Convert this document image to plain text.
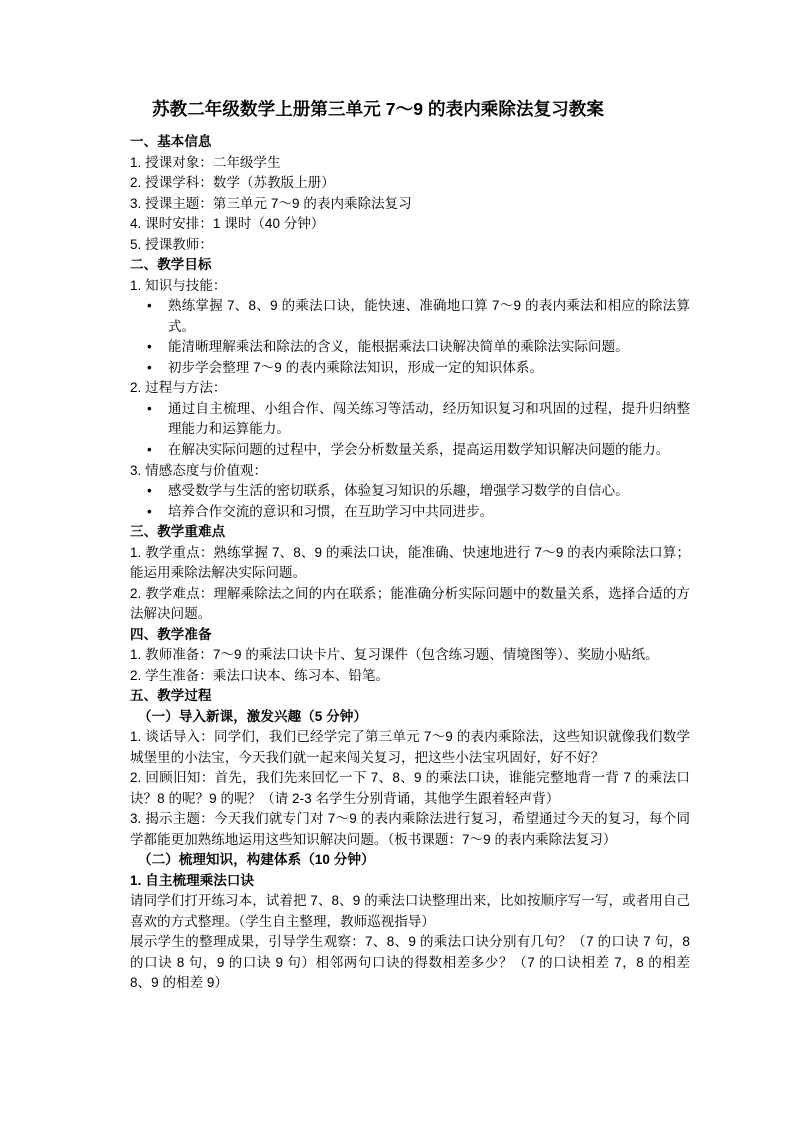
苏教二年级数学上册第三单元 7～9 的表内乘除法复习教案
一、基本信息
1. 授课对象：二年级学生
2. 授课学科：数学（苏教版上册）
3. 授课主题：第三单元 7～9 的表内乘除法复习
4. 课时安排：1 课时（40 分钟）
5. 授课教师：
二、教学目标

1. 知识与技能：

• 熟练掌握 7、8、9 的乘法口诀，能快速、准确地口算 7～9 的表内乘法和相应的除法算式。
• 能清晰理解乘法和除法的含义，能根据乘法口诀解决简单的乘除法实际问题。
• 初步学会整理 7～9 的表内乘除法知识，形成一定的知识体系。

2. 过程与方法：

• 通过自主梳理、小组合作、闯关练习等活动，经历知识复习和巩固的过程，提升归纳整理能力和运算能力。
• 在解决实际问题的过程中，学会分析数量关系，提高运用数学知识解决问题的能力。

3. 情感态度与价值观：

• 感受数学与生活的密切联系，体验复习知识的乐趣，增强学习数学的自信心。
• 培养合作交流的意识和习惯，在互助学习中共同进步。
三、教学重难点
1. 教学重点：熟练掌握 7、8、9 的乘法口诀，能准确、快速地进行 7～9 的表内乘除法口算；能运用乘除法解决实际问题。
2. 教学难点：理解乘除法之间的内在联系；能准确分析实际问题中的数量关系，选择合适的方法解决问题。
四、教学准备
1. 教师准备：7～9 的乘法口诀卡片、复习课件（包含练习题、情境图等）、奖励小贴纸。
2. 学生准备：乘法口诀本、练习本、铅笔。
五、教学过程
（一）导入新课，激发兴趣（5 分钟）
1. 谈话导入：同学们，我们已经学完了第三单元 7～9 的表内乘除法，这些知识就像我们数学城堡里的小法宝，今天我们就一起来闯关复习，把这些小法宝巩固好，好不好？
2. 回顾旧知：首先，我们先来回忆一下 7、8、9 的乘法口诀，谁能完整地背一背 7 的乘法口诀？8 的呢？9 的呢？（请 2-3 名学生分别背诵，其他学生跟着轻声背）
3. 揭示主题：今天我们就专门对 7～9 的表内乘除法进行复习，希望通过今天的复习，每个同学都能更加熟练地运用这些知识解决问题。（板书课题：7～9 的表内乘除法复习）
（二）梳理知识，构建体系（10 分钟）
1. 自主梳理乘法口诀

请同学们打开练习本，试着把 7、8、9 的乘法口诀整理出来，比如按顺序写一写，或者用自己喜欢的方式整理。（学生自主整理，教师巡视指导）

展示学生的整理成果，引导学生观察：7、8、9 的乘法口诀分别有几句？（7 的口诀 7 句，8 的口诀 8 句，9 的口诀 9 句）相邻两句口诀的得数相差多少？（7 的口诀相差 7，8 的相差 8、9 的相差 9）
